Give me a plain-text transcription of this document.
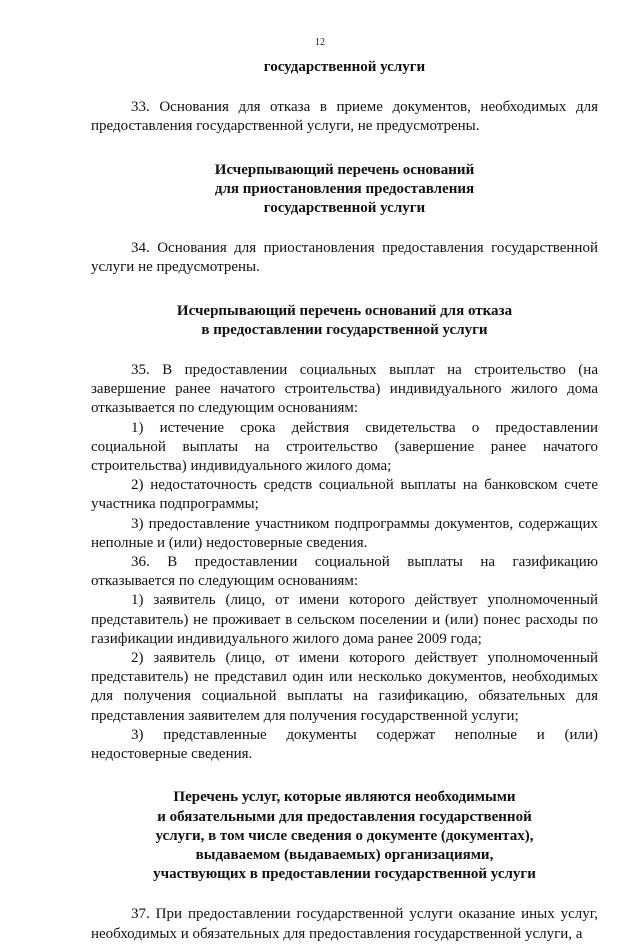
12
государственной услуги
33. Основания для отказа в приеме документов, необходимых для предоставления государственной услуги, не предусмотрены.
Исчерпывающий перечень оснований
для приостановления предоставления
государственной услуги
34. Основания для приостановления предоставления государственной услуги не предусмотрены.
Исчерпывающий перечень оснований для отказа
в предоставлении государственной услуги
35. В предоставлении социальных выплат на строительство (на завершение ранее начатого строительства) индивидуального жилого дома отказывается по следующим основаниям:
1) истечение срока действия свидетельства о предоставлении социальной выплаты на строительство (завершение ранее начатого строительства) индивидуального жилого дома;
2) недостаточность средств социальной выплаты на банковском счете участника подпрограммы;
3) предоставление участником подпрограммы документов, содержащих неполные и (или) недостоверные сведения.
36. В предоставлении социальной выплаты на газификацию отказывается по следующим основаниям:
1) заявитель (лицо, от имени которого действует уполномоченный представитель) не проживает в сельском поселении и (или) понес расходы по газификации индивидуального жилого дома ранее 2009 года;
2) заявитель (лицо, от имени которого действует уполномоченный представитель) не представил один или несколько документов, необходимых для получения социальной выплаты на газификацию, обязательных для представления заявителем для получения государственной услуги;
3) представленные документы содержат неполные и (или) недостоверные сведения.
Перечень услуг, которые являются необходимыми
и обязательными для предоставления государственной
услуги, в том числе сведения о документе (документах),
выдаваемом (выдаваемых) организациями,
участвующих в предоставлении государственной услуги
37. При предоставлении государственной услуги оказание иных услуг, необходимых и обязательных для предоставления государственной услуги, а
